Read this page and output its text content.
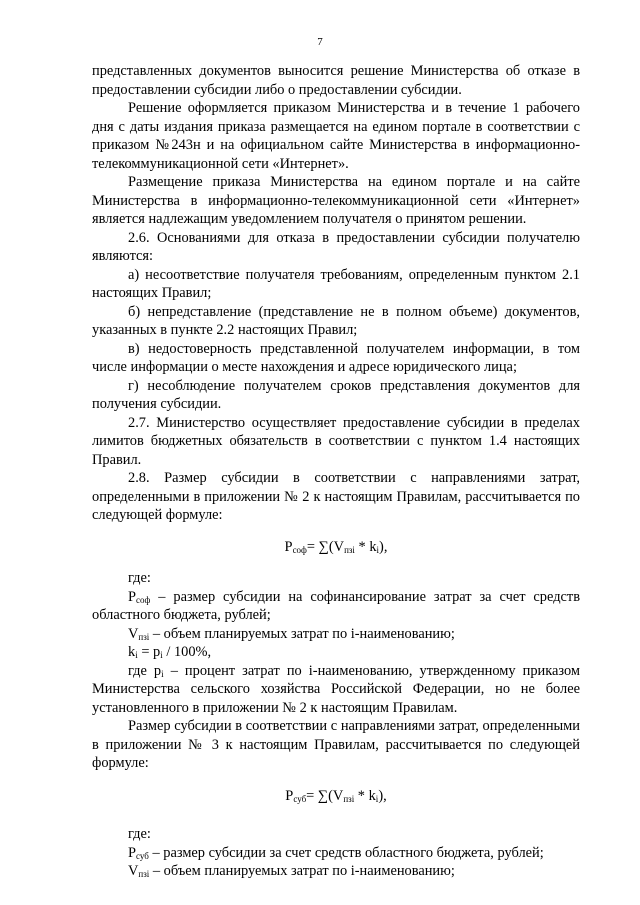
7

представленных документов выносится решение Министерства об отказе в предоставлении субсидии либо о предоставлении субсидии.

Решение оформляется приказом Министерства и в течение 1 рабочего дня с даты издания приказа размещается на едином портале в соответствии с приказом №243н и на официальном сайте Министерства в информационно-телекоммуникационной сети «Интернет».

Размещение приказа Министерства на едином портале и на сайте Министерства в информационно-телекоммуникационной сети «Интернет» является надлежащим уведомлением получателя о принятом решении.

2.6. Основаниями для отказа в предоставлении субсидии получателю являются:

а) несоответствие получателя требованиям, определенным пунктом 2.1 настоящих Правил;

б) непредставление (представление не в полном объеме) документов, указанных в пункте 2.2 настоящих Правил;

в) недостоверность представленной получателем информации, в том числе информации о месте нахождения и адресе юридического лица;

г) несоблюдение получателем сроков представления документов для получения субсидии.

2.7. Министерство осуществляет предоставление субсидии в пределах лимитов бюджетных обязательств в соответствии с пунктом 1.4 настоящих Правил.

2.8. Размер субсидии в соответствии с направлениями затрат, определенными в приложении № 2 к настоящим Правилам, рассчитывается по следующей формуле:

$P_{соф}= \sum(V_{пзi} * k_i)$,

где:

$P_{соф}$ – размер субсидии на софинансирование затрат за счет средств областного бюджета, рублей;

$V_{пзi}$ – объем планируемых затрат по i-наименованию;

$k_i = p_i / 100\%$,

где $p_i$ – процент затрат по i-наименованию, утвержденному приказом Министерства сельского хозяйства Российской Федерации, но не более установленного в приложении № 2 к настоящим Правилам.

Размер субсидии в соответствии с направлениями затрат, определенными в приложении № 3 к настоящим Правилам, рассчитывается по следующей формуле:

$P_{суб}= \sum(V_{пзi} * k_i)$,

где:

$P_{суб}$ – размер субсидии за счет средств областного бюджета, рублей;

$V_{пзi}$ – объем планируемых затрат по i-наименованию;
